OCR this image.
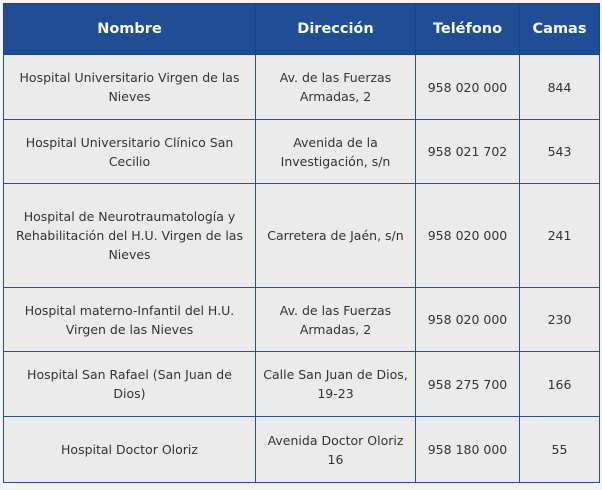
Nombre	Dirección	Teléfono	Camas
Hospital Universitario Virgen de las Nieves	Av. de las Fuerzas Armadas, 2	958 020 000	844
Hospital Universitario Clínico San Cecilio	Avenida de la Investigación, s/n	958 021 702	543
Hospital de Neurotraumatología y Rehabilitación del H.U. Virgen de las Nieves	Carretera de Jaén, s/n	958 020 000	241
Hospital materno-Infantil del H.U. Virgen de las Nieves	Av. de las Fuerzas Armadas, 2	958 020 000	230
Hospital San Rafael (San Juan de Dios)	Calle San Juan de Dios, 19-23	958 275 700	166
Hospital Doctor Oloriz	Avenida Doctor Oloriz 16	958 180 000	55
